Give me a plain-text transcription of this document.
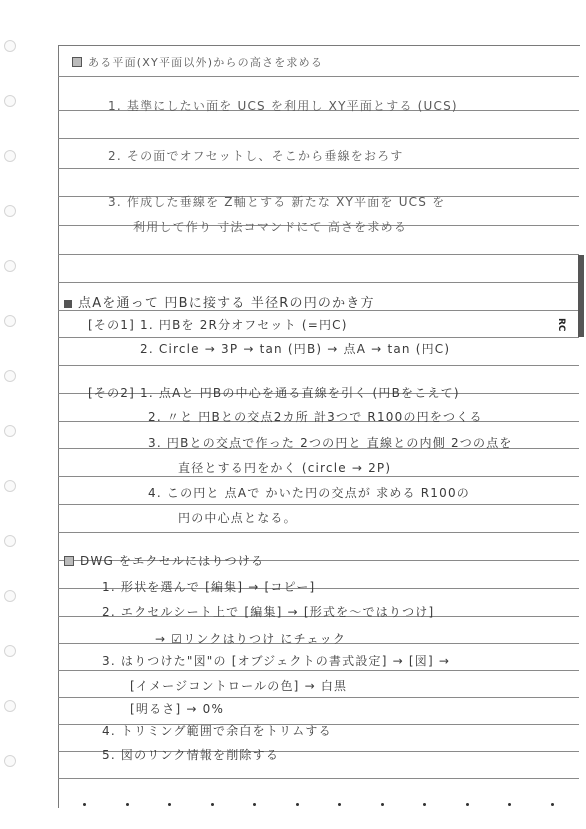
RC
ある平面(XY平面以外)からの高さを求める
1. 基準にしたい面を UCS を利用し XY平面とする (UCS)
2. その面でオフセットし、そこから垂線をおろす
3. 作成した垂線を Z軸とする 新たな XY平面を UCS を
利用して作り 寸法コマンドにて 高さを求める
点Aを通って 円Bに接する 半径Rの円のかき方
[その1] 1. 円Bを 2R分オフセット (=円C)
2. Circle → 3P → tan (円B) → 点A → tan (円C)
[その2] 1. 点Aと 円Bの中心を通る直線を引く (円Bをこえて)
2. 〃と 円Bとの交点2カ所 計3つで R100の円をつくる
3. 円Bとの交点で作った 2つの円と 直線との内側 2つの点を
直径とする円をかく (circle → 2P)
4. この円と 点Aで かいた円の交点が 求める R100の
円の中心点となる。
DWG をエクセルにはりつける
1. 形状を選んで [編集] → [コピー]
2. エクセルシート上で [編集] → [形式を～ではりつけ]
→ ☑リンクはりつけ にチェック
3. はりつけた"図"の [オブジェクトの書式設定] → [図] →
[イメージコントロールの色] → 白黒
[明るさ] → 0%
4. トリミング範囲で余白をトリムする
5. 図のリンク情報を削除する
